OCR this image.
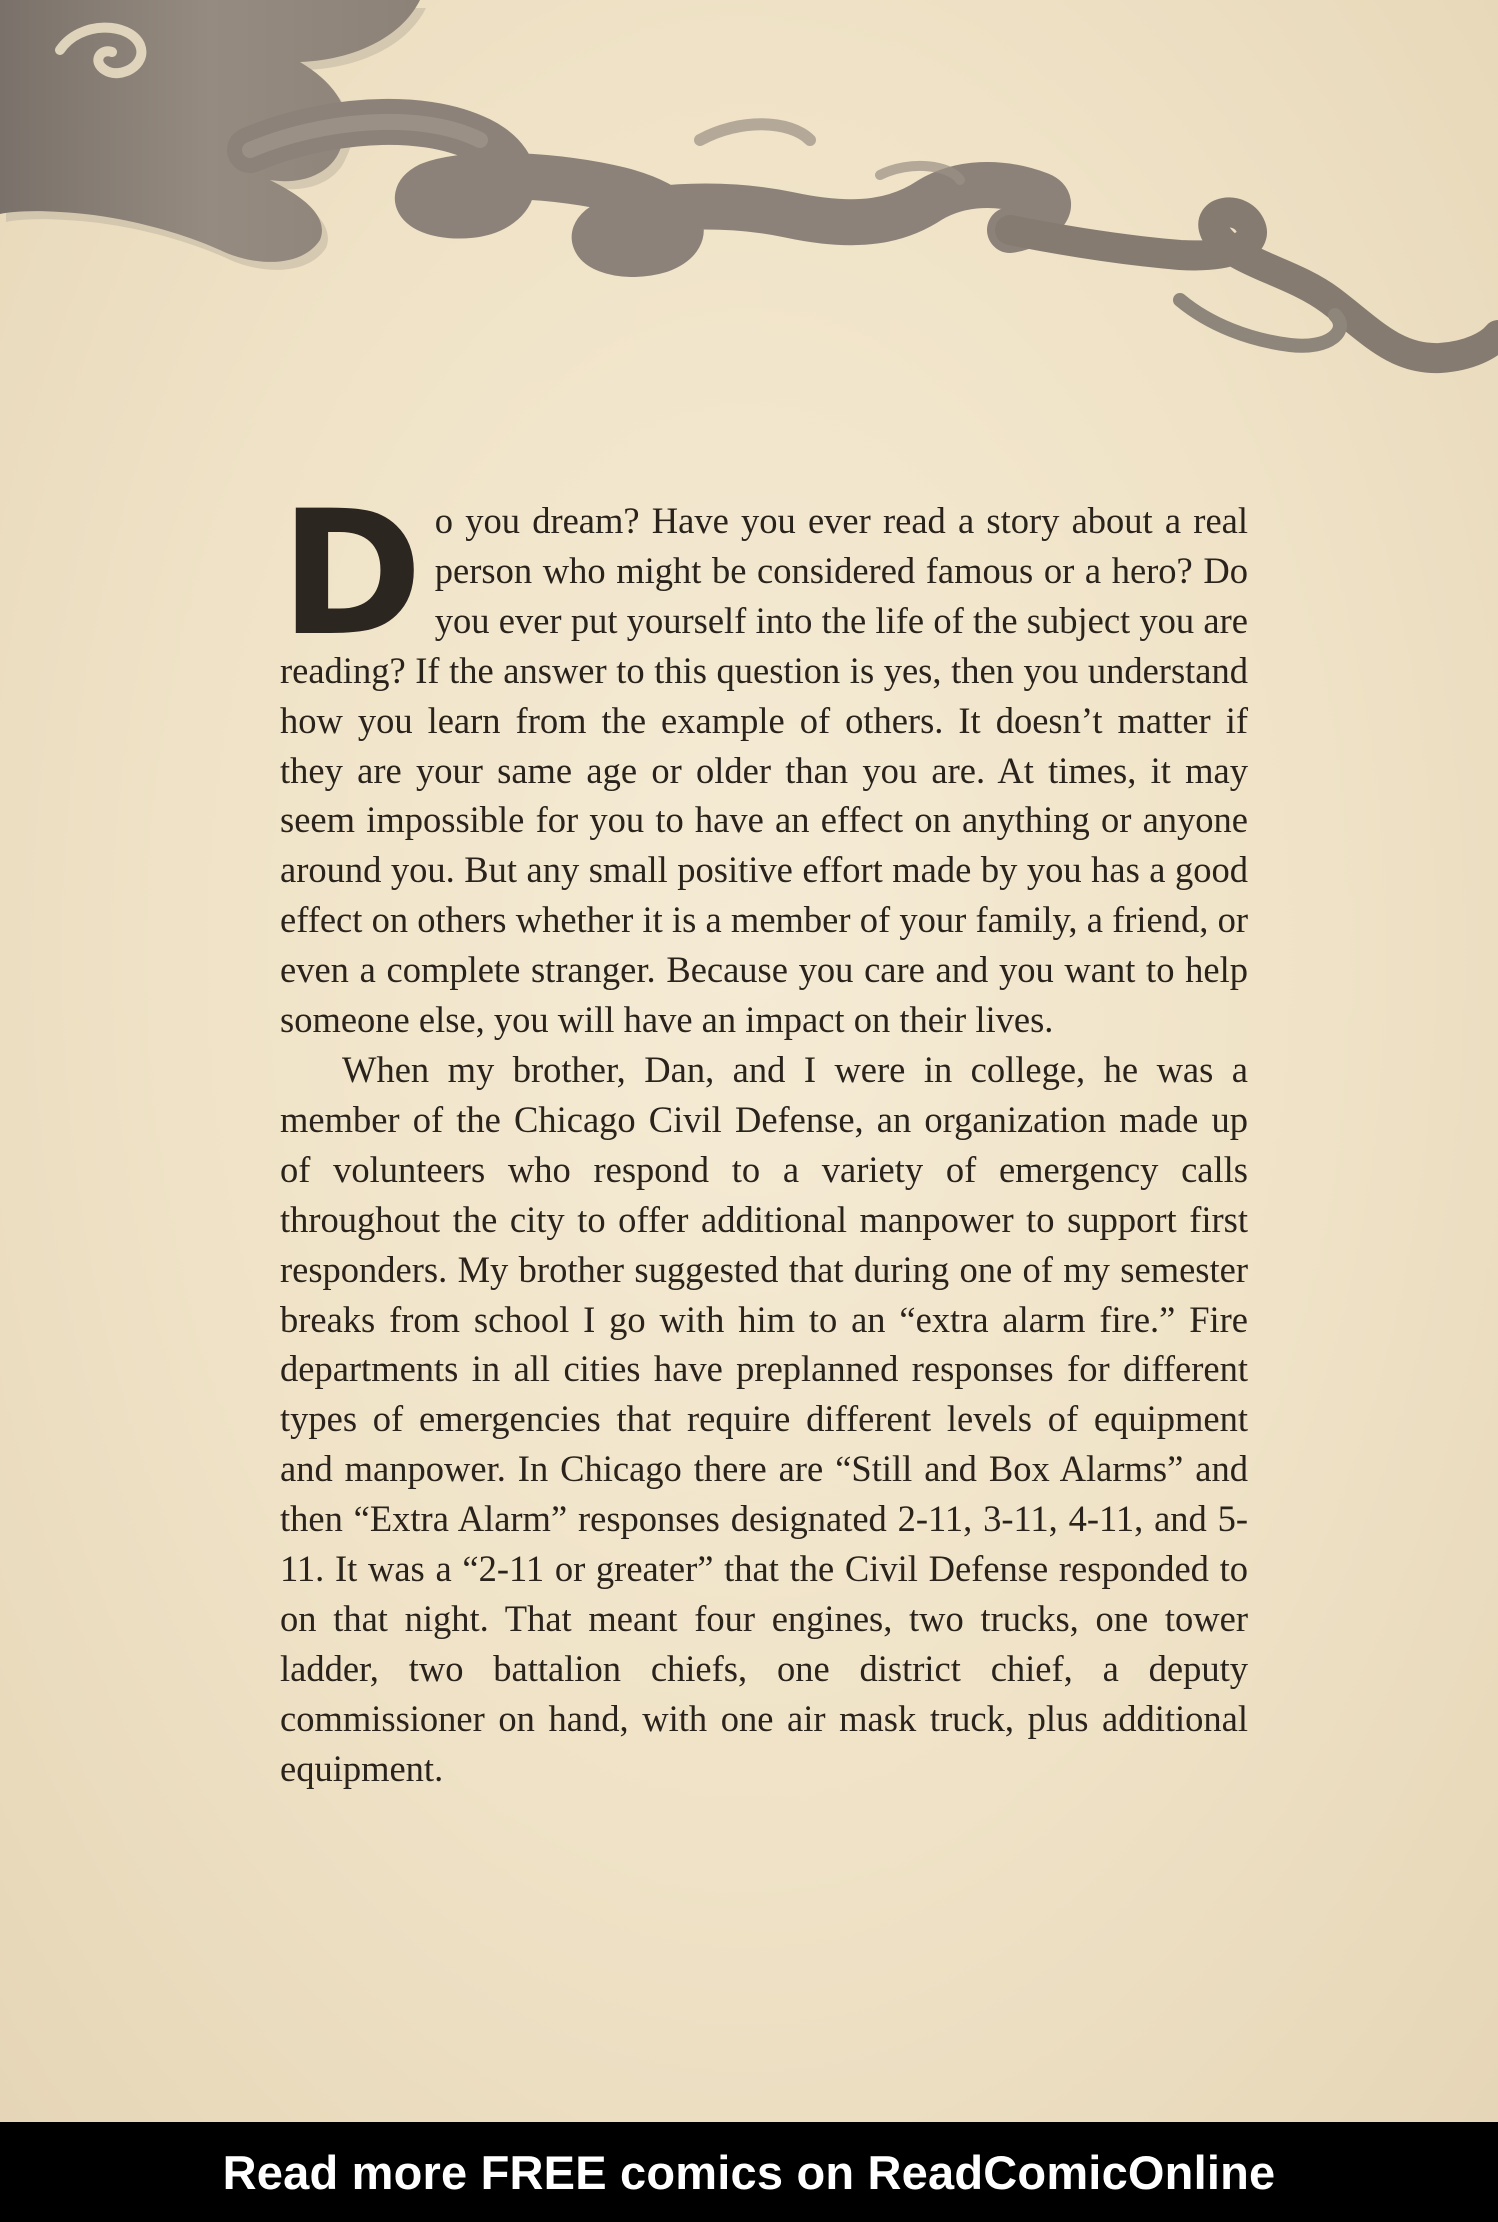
Do you dream? Have you ever read a story about a real person who might be considered famous or a hero? Do you ever put yourself into the life of the subject you are reading? If the answer to this question is yes, then you understand how you learn from the example of others. It doesn’t matter if they are your same age or older than you are. At times, it may seem impossible for you to have an effect on anything or anyone around you. But any small positive effort made by you has a good effect on others whether it is a member of your family, a friend, or even a complete stranger. Because you care and you want to help someone else, you will have an impact on their lives.

When my brother, Dan, and I were in college, he was a member of the Chicago Civil Defense, an organization made up of volunteers who respond to a variety of emergency calls throughout the city to offer additional manpower to support first responders. My brother suggested that during one of my semester breaks from school I go with him to an “extra alarm fire.” Fire departments in all cities have preplanned responses for different types of emergencies that require different levels of equipment and manpower. In Chicago there are “Still and Box Alarms” and then “Extra Alarm” responses designated 2-11, 3-11, 4-11, and 5-11. It was a “2-11 or greater” that the Civil Defense responded to on that night. That meant four engines, two trucks, one tower ladder, two battalion chiefs, one district chief, a deputy commissioner on hand, with one air mask truck, plus additional equipment.

Read more FREE comics on ReadComicOnline
